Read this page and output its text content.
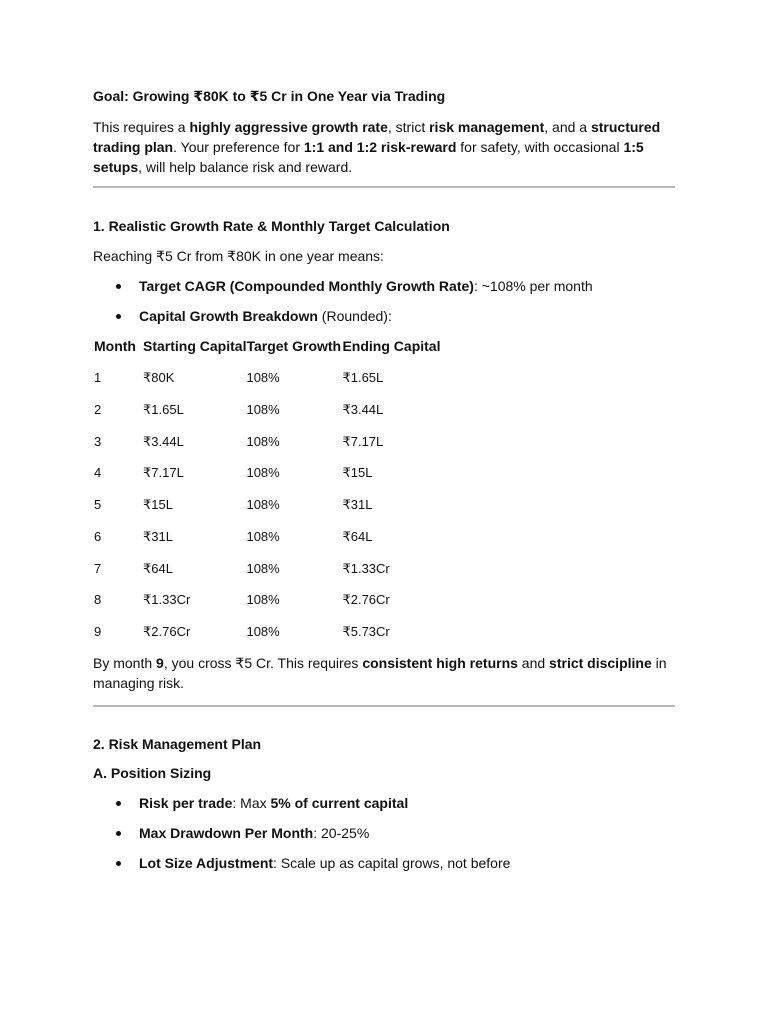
Goal: Growing ₹80K to ₹5 Cr in One Year via Trading

This requires a highly aggressive growth rate, strict risk management, and a structured trading plan. Your preference for 1:1 and 1:2 risk-reward for safety, with occasional 1:5 setups, will help balance risk and reward.

1. Realistic Growth Rate & Monthly Target Calculation

Reaching ₹5 Cr from ₹80K in one year means:

Target CAGR (Compounded Monthly Growth Rate): ~108% per month
Capital Growth Breakdown (Rounded):
Month	Starting Capital	Target Growth	Ending Capital
1	₹80K	108%	₹1.65L
2	₹1.65L	108%	₹3.44L
3	₹3.44L	108%	₹7.17L
4	₹7.17L	108%	₹15L
5	₹15L	108%	₹31L
6	₹31L	108%	₹64L
7	₹64L	108%	₹1.33Cr
8	₹1.33Cr	108%	₹2.76Cr
9	₹2.76Cr	108%	₹5.73Cr

By month 9, you cross ₹5 Cr. This requires consistent high returns and strict discipline in managing risk.

2. Risk Management Plan
A. Position Sizing
Risk per trade: Max 5% of current capital
Max Drawdown Per Month: 20-25%
Lot Size Adjustment: Scale up as capital grows, not before
